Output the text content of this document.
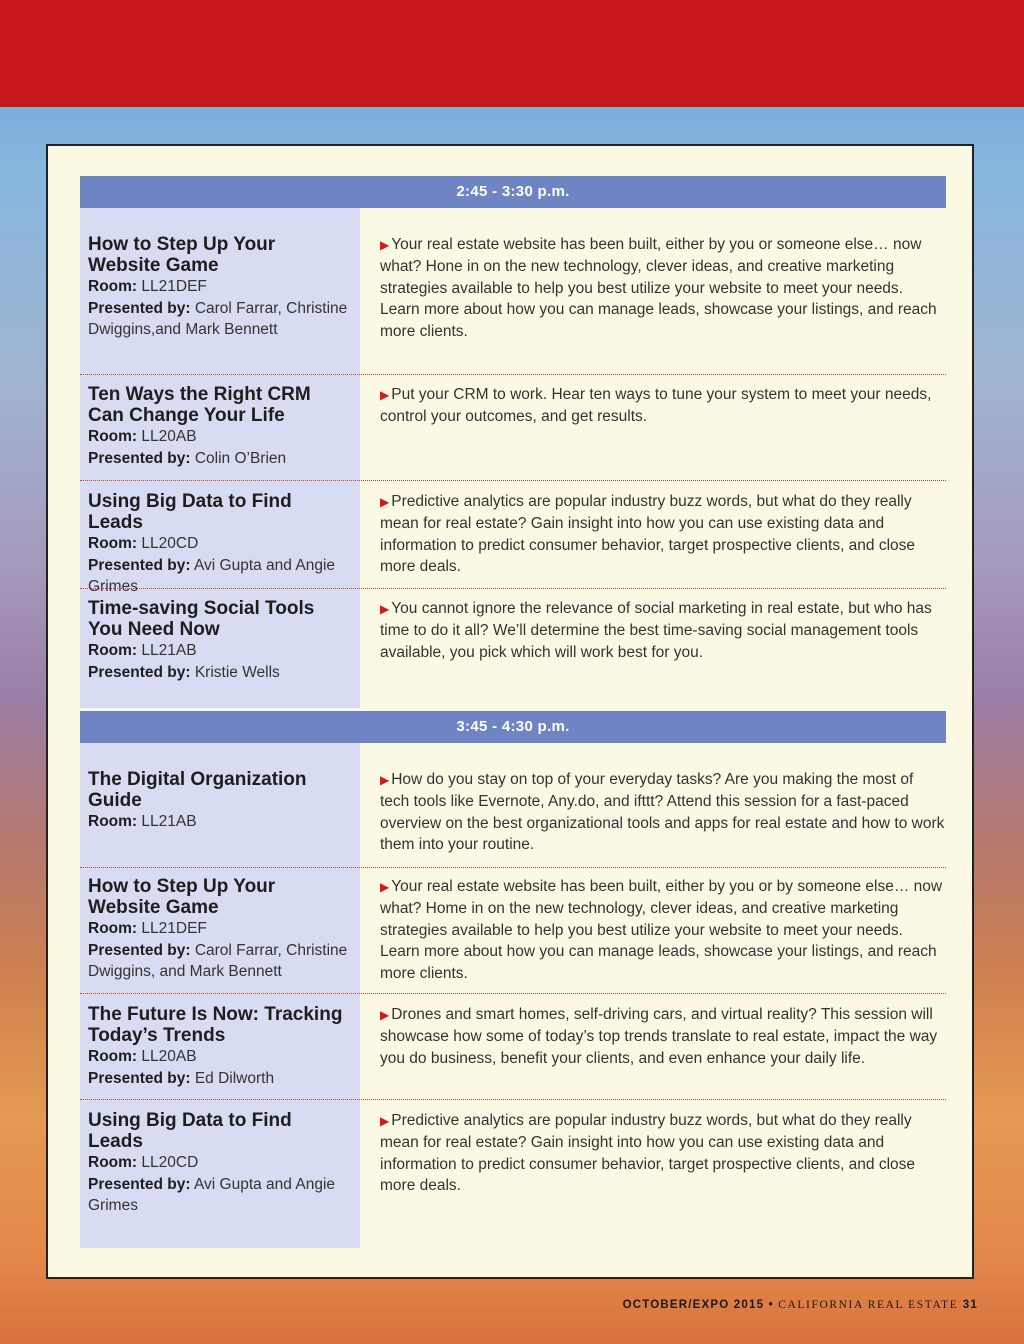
2:45 - 3:30 p.m.
How to Step Up Your Website Game
Room: LL21DEF
Presented by: Carol Farrar, Christine Dwiggins,and Mark Bennett
▶ Your real estate website has been built, either by you or someone else… now what? Hone in on the new technology, clever ideas, and creative marketing strategies available to help you best utilize your website to meet your needs. Learn more about how you can manage leads, showcase your listings, and reach more clients.
Ten Ways the Right CRM Can Change Your Life
Room: LL20AB
Presented by: Colin O’Brien
▶ Put your CRM to work. Hear ten ways to tune your system to meet your needs, control your outcomes, and get results.
Using Big Data to Find Leads
Room: LL20CD
Presented by: Avi Gupta and Angie Grimes
▶ Predictive analytics are popular industry buzz words, but what do they really mean for real estate? Gain insight into how you can use existing data and information to predict consumer behavior, target prospective clients, and close more deals.
Time-saving Social Tools You Need Now
Room: LL21AB
Presented by: Kristie Wells
▶ You cannot ignore the relevance of social marketing in real estate, but who has time to do it all? We’ll determine the best time-saving social management tools available, you pick which will work best for you.
3:45 - 4:30 p.m.
The Digital Organization Guide
Room: LL21AB
▶ How do you stay on top of your everyday tasks? Are you making the most of tech tools like Evernote, Any.do, and ifttt? Attend this session for a fast-paced overview on the best organizational tools and apps for real estate and how to work them into your routine.
How to Step Up Your Website Game
Room: LL21DEF
Presented by: Carol Farrar, Christine Dwiggins, and Mark Bennett
▶ Your real estate website has been built, either by you or by someone else… now what? Home in on the new technology, clever ideas, and creative marketing strategies available to help you best utilize your website to meet your needs. Learn more about how you can manage leads, showcase your listings, and reach more clients.
The Future Is Now: Tracking Today’s Trends
Room: LL20AB
Presented by: Ed Dilworth
▶ Drones and smart homes, self-driving cars, and virtual reality? This session will showcase how some of today’s top trends translate to real estate, impact the way you do business, benefit your clients, and even enhance your daily life.
Using Big Data to Find Leads
Room: LL20CD
Presented by: Avi Gupta and Angie Grimes
▶ Predictive analytics are popular industry buzz words, but what do they really mean for real estate? Gain insight into how you can use existing data and information to predict consumer behavior, target prospective clients, and close more deals.
OCTOBER/EXPO 2015 • CALIFORNIA REAL ESTATE 31
